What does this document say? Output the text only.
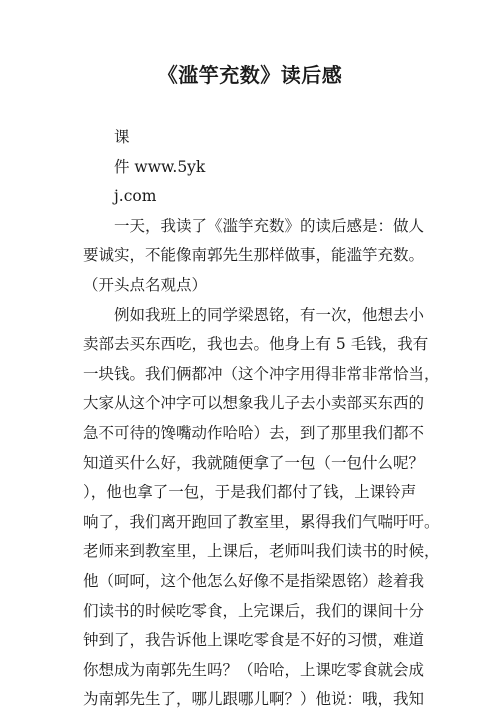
《滥竽充数》读后感
课
件 www.5yk
j.com
一天，我读了《滥竽充数》的读后感是：做人
要诚实，不能像南郭先生那样做事，能滥竽充数。
（开头点名观点）
例如我班上的同学梁恩铭，有一次，他想去小
卖部去买东西吃，我也去。他身上有 5 毛钱，我有
一块钱。我们俩都冲（这个冲字用得非常非常恰当，
大家从这个冲字可以想象我儿子去小卖部买东西的
急不可待的馋嘴动作哈哈）去，到了那里我们都不
知道买什么好，我就随便拿了一包（一包什么呢？
），他也拿了一包，于是我们都付了钱，上课铃声
响了，我们离开跑回了教室里，累得我们气喘吁吁。
老师来到教室里，上课后，老师叫我们读书的时候，
他（呵呵，这个他怎么好像不是指梁恩铭）趁着我
们读书的时候吃零食，上完课后，我们的课间十分
钟到了，我告诉他上课吃零食是不好的习惯，难道
你想成为南郭先生吗？（哈哈，上课吃零食就会成
为南郭先生了，哪儿跟哪儿啊？）他说：哦，我知
